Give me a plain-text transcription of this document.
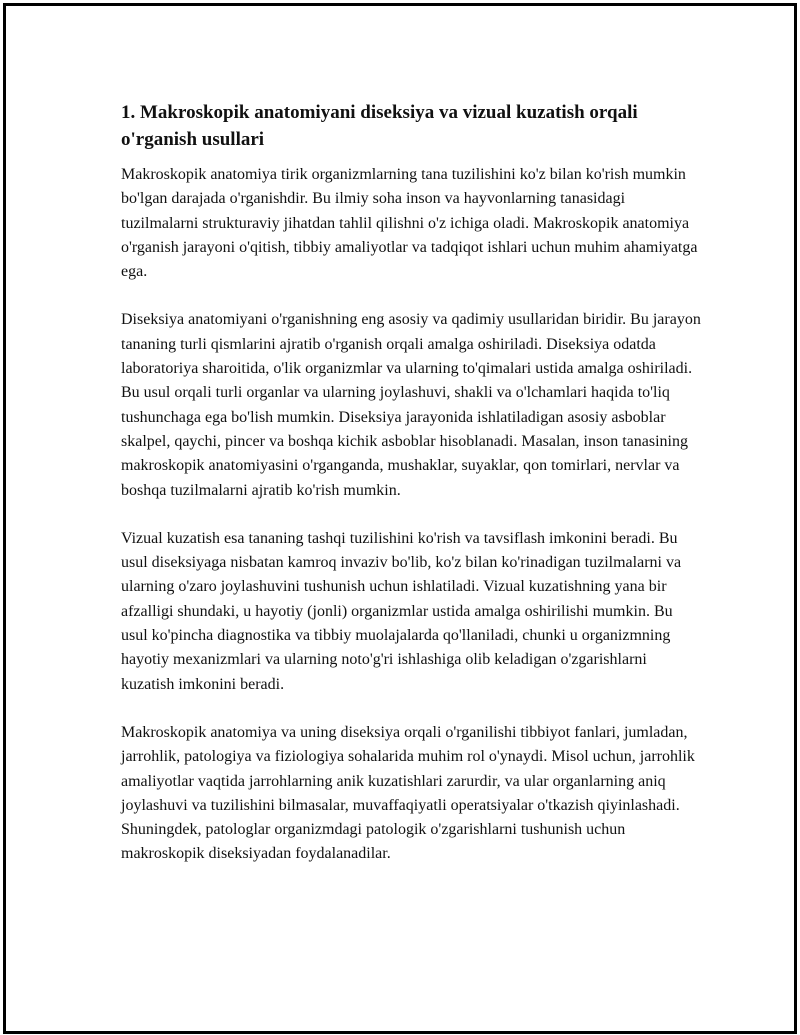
1. Makroskopik anatomiyani diseksiya va vizual kuzatish orqali o'rganish usullari

Makroskopik anatomiya tirik organizmlarning tana tuzilishini ko'z bilan ko'rish mumkin bo'lgan darajada o'rganishdir. Bu ilmiy soha inson va hayvonlarning tanasidagi tuzilmalarni strukturaviy jihatdan tahlil qilishni o'z ichiga oladi. Makroskopik anatomiya o'rganish jarayoni o'qitish, tibbiy amaliyotlar va tadqiqot ishlari uchun muhim ahamiyatga ega.

Diseksiya anatomiyani o'rganishning eng asosiy va qadimiy usullaridan biridir. Bu jarayon tananing turli qismlarini ajratib o'rganish orqali amalga oshiriladi. Diseksiya odatda laboratoriya sharoitida, o'lik organizmlar va ularning to'qimalari ustida amalga oshiriladi. Bu usul orqali turli organlar va ularning joylashuvi, shakli va o'lchamlari haqida to'liq tushunchaga ega bo'lish mumkin. Diseksiya jarayonida ishlatiladigan asosiy asboblar skalpel, qaychi, pincer va boshqa kichik asboblar hisoblanadi. Masalan, inson tanasining makroskopik anatomiyasini o'rganganda, mushaklar, suyaklar, qon tomirlari, nervlar va boshqa tuzilmalarni ajratib ko'rish mumkin.

Vizual kuzatish esa tananing tashqi tuzilishini ko'rish va tavsiflash imkonini beradi. Bu usul diseksiyaga nisbatan kamroq invaziv bo'lib, ko'z bilan ko'rinadigan tuzilmalarni va ularning o'zaro joylashuvini tushunish uchun ishlatiladi. Vizual kuzatishning yana bir afzalligi shundaki, u hayotiy (jonli) organizmlar ustida amalga oshirilishi mumkin. Bu usul ko'pincha diagnostika va tibbiy muolajalarda qo'llaniladi, chunki u organizmning hayotiy mexanizmlari va ularning noto'g'ri ishlashiga olib keladigan o'zgarishlarni kuzatish imkonini beradi.

Makroskopik anatomiya va uning diseksiya orqali o'rganilishi tibbiyot fanlari, jumladan, jarrohlik, patologiya va fiziologiya sohalarida muhim rol o'ynaydi. Misol uchun, jarrohlik amaliyotlar vaqtida jarrohlarning anik kuzatishlari zarurdir, va ular organlarning aniq joylashuvi va tuzilishini bilmasalar, muvaffaqiyatli operatsiyalar o'tkazish qiyinlashadi. Shuningdek, patologlar organizmdagi patologik o'zgarishlarni tushunish uchun makroskopik diseksiyadan foydalanadilar.
